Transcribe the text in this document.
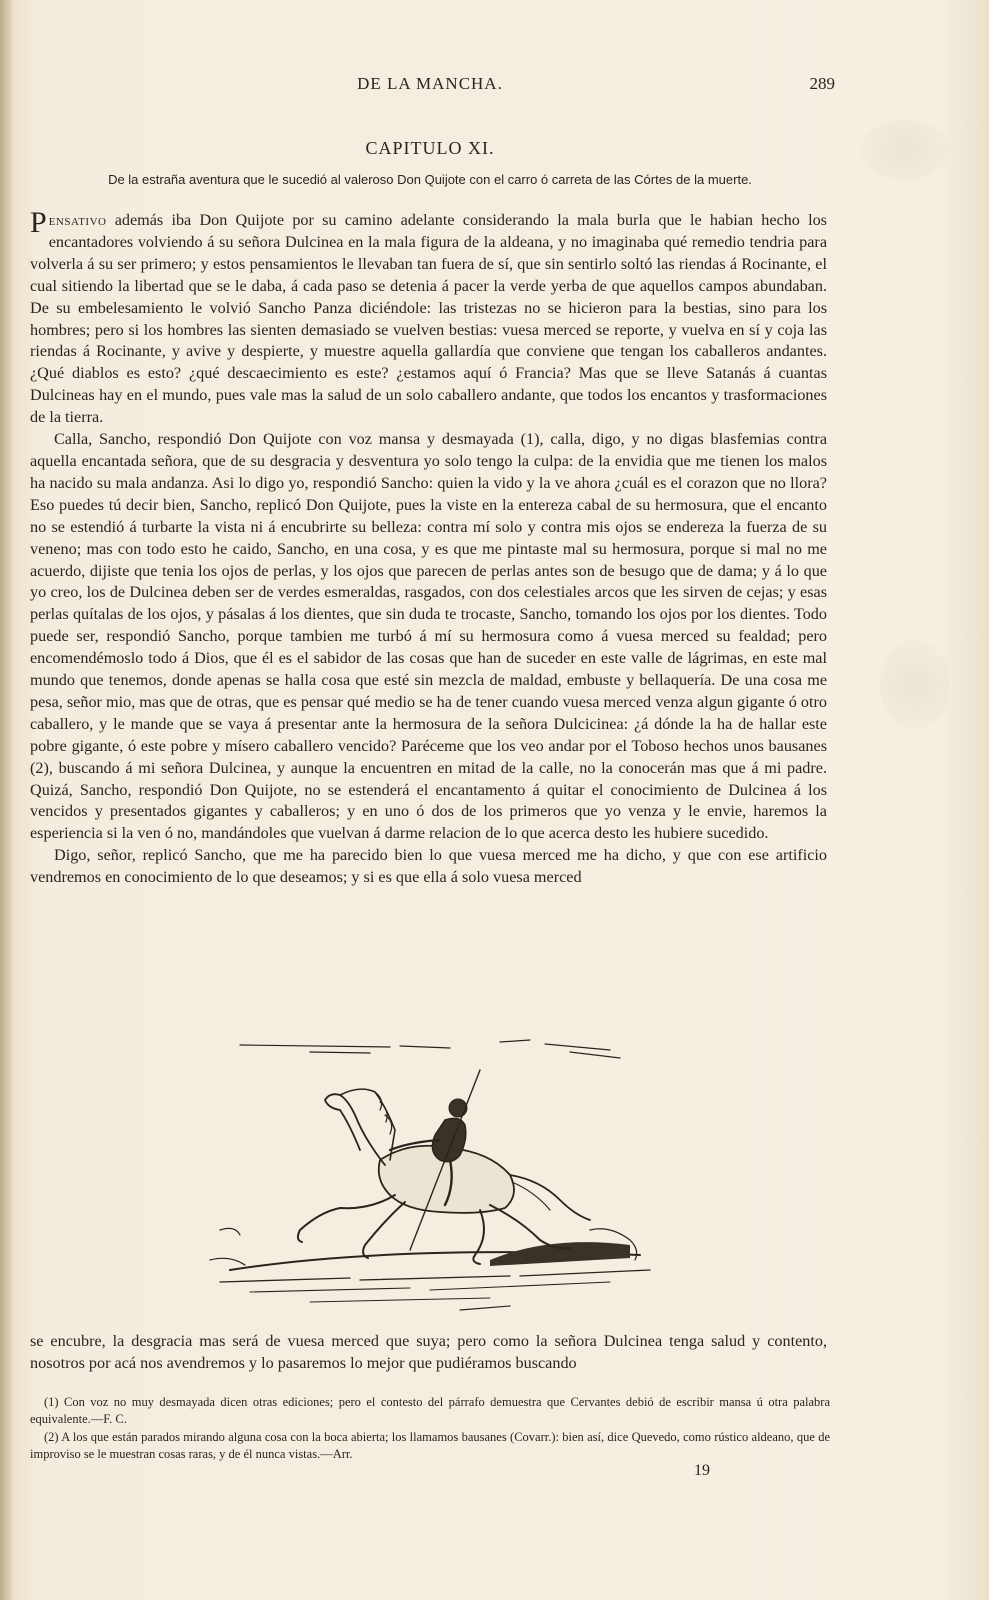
DE LA MANCHA.	289
CAPITULO XI.
De la estraña aventura que le sucedió al valeroso Don Quijote con el carro ó carreta de las Córtes de la muerte.

Pensativo además iba Don Quijote por su camino adelante considerando la mala burla que le habian hecho los encantadores volviendo á su señora Dulcinea en la mala figura de la aldeana, y no imaginaba qué remedio tendria para volverla á su ser primero; y estos pensamientos le llevaban tan fuera de sí, que sin sentirlo soltó las riendas á Rocinante, el cual sitiendo la libertad que se le daba, á cada paso se detenia á pacer la verde yerba de que aquellos campos abundaban. De su embelesamiento le volvió Sancho Panza diciéndole: las tristezas no se hicieron para la bestias, sino para los hombres; pero si los hombres las sienten demasiado se vuelven bestias: vuesa merced se reporte, y vuelva en sí y coja las riendas á Rocinante, y avive y despierte, y muestre aquella gallardía que conviene que tengan los caballeros andantes. ¿Qué diablos es esto? ¿qué descaecimiento es este? ¿estamos aquí ó Francia? Mas que se lleve Satanás á cuantas Dulcineas hay en el mundo, pues vale mas la salud de un solo caballero andante, que todos los encantos y trasformaciones de la tierra.

Calla, Sancho, respondió Don Quijote con voz mansa y desmayada (1), calla, digo, y no digas blasfemias contra aquella encantada señora, que de su desgracia y desventura yo solo tengo la culpa: de la envidia que me tienen los malos ha nacido su mala andanza. Asi lo digo yo, respondió Sancho: quien la vido y la ve ahora ¿cuál es el corazon que no llora? Eso puedes tú decir bien, Sancho, replicó Don Quijote, pues la viste en la entereza cabal de su hermosura, que el encanto no se estendió á turbarte la vista ni á encubrirte su belleza: contra mí solo y contra mis ojos se endereza la fuerza de su veneno; mas con todo esto he caido, Sancho, en una cosa, y es que me pintaste mal su hermosura, porque si mal no me acuerdo, dijiste que tenia los ojos de perlas, y los ojos que parecen de perlas antes son de besugo que de dama; y á lo que yo creo, los de Dulcinea deben ser de verdes esmeraldas, rasgados, con dos celestiales arcos que les sirven de cejas; y esas perlas quítalas de los ojos, y pásalas á los dientes, que sin duda te trocaste, Sancho, tomando los ojos por los dientes. Todo puede ser, respondió Sancho, porque tambien me turbó á mí su hermosura como á vuesa merced su fealdad; pero encomendémoslo todo á Dios, que él es el sabidor de las cosas que han de suceder en este valle de lágrimas, en este mal mundo que tenemos, donde apenas se halla cosa que esté sin mezcla de maldad, embuste y bellaquería. De una cosa me pesa, señor mio, mas que de otras, que es pensar qué medio se ha de tener cuando vuesa merced venza algun gigante ó otro caballero, y le mande que se vaya á presentar ante la hermosura de la señora Dulcicinea: ¿á dónde la ha de hallar este pobre gigante, ó este pobre y mísero caballero vencido? Paréceme que los veo andar por el Toboso hechos unos bausanes (2), buscando á mi señora Dulcinea, y aunque la encuentren en mitad de la calle, no la conocerán mas que á mi padre. Quizá, Sancho, respondió Don Quijote, no se estenderá el encantamento á quitar el conocimiento de Dulcinea á los vencidos y presentados gigantes y caballeros; y en uno ó dos de los primeros que yo venza y le envie, haremos la esperiencia si la ven ó no, mandándoles que vuelvan á darme relacion de lo que acerca desto les hubiere sucedido.

Digo, señor, replicó Sancho, que me ha parecido bien lo que vuesa merced me ha dicho, y que con ese artificio vendremos en conocimiento de lo que deseamos; y si es que ella á solo vuesa merced

se encubre, la desgracia mas será de vuesa merced que suya; pero como la señora Dulcinea tenga salud y contento, nosotros por acá nos avendremos y lo pasaremos lo mejor que pudiéramos buscando

(1) Con voz no muy desmayada dicen otras ediciones; pero el contesto del párrafo demuestra que Cervantes debió de escribir mansa ú otra palabra equivalente.—F. C.

(2) A los que están parados mirando alguna cosa con la boca abierta; los llamamos bausanes (Covarr.): bien así, dice Quevedo, como rústico aldeano, que de improviso se le muestran cosas raras, y de él nunca vistas.—Arr.

19
